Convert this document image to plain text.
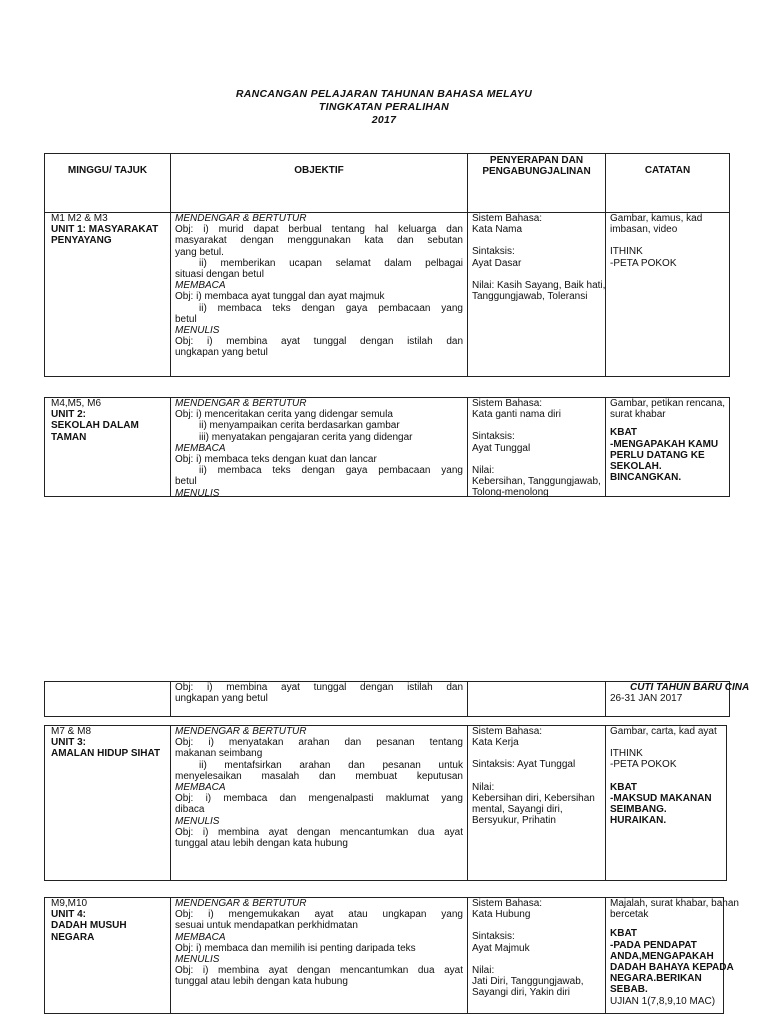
RANCANGAN PELAJARAN TAHUNAN BAHASA MELAYU
TINGKATAN PERALIHAN
2017
MINGGU/ TAJUK	OBJEKTIF
PENYERAPAN DAN
PENGABUNGJALINAN	CATATAN
M1 M2 & M3
UNIT 1: MASYARAKAT
PENYAYANG
MENDENGAR & BERTUTUR
Obj: i) murid dapat berbual tentang hal keluarga dan
masyarakat dengan menggunakan kata dan sebutan
yang betul.
ii) memberikan ucapan selamat dalam pelbagai
situasi dengan betul
MEMBACA
Obj: i) membaca ayat tunggal dan ayat majmuk
ii) membaca teks dengan gaya pembacaan yang
betul
MENULIS
Obj: i) membina ayat tunggal dengan istilah dan
ungkapan yang betul
Sistem Bahasa:
Kata Nama
Sintaksis:
Ayat Dasar
Nilai: Kasih Sayang, Baik hati,
Tanggungjawab, Toleransi
Gambar, kamus, kad
imbasan, video
ITHINK
-PETA POKOK
M4,M5, M6
UNIT 2:
SEKOLAH DALAM
TAMAN
MENDENGAR & BERTUTUR
Obj: i) menceritakan cerita yang didengar semula
ii) menyampaikan cerita berdasarkan gambar
iii) menyatakan pengajaran cerita yang didengar
MEMBACA
Obj: i) membaca teks dengan kuat dan lancar
ii) membaca teks dengan gaya pembacaan yang
betul
MENULIS
Sistem Bahasa:
Kata ganti nama diri
Sintaksis:
Ayat Tunggal
Nilai:
Kebersihan, Tanggungjawab,
Tolong-menolong
Gambar, petikan rencana,
surat khabar
KBAT
-MENGAPAKAH KAMU
PERLU DATANG KE
SEKOLAH.
BINCANGKAN.
Obj: i) membina ayat tunggal dengan istilah dan
ungkapan yang betul
CUTI TAHUN BARU CINA
26-31 JAN 2017
M7 & M8
UNIT 3:
AMALAN HIDUP SIHAT
MENDENGAR & BERTUTUR
Obj: i) menyatakan arahan dan pesanan tentang
makanan seimbang
ii) mentafsirkan arahan dan pesanan untuk
menyelesaikan masalah dan membuat keputusan
MEMBACA
Obj: i) membaca dan mengenalpasti maklumat yang
dibaca
MENULIS
Obj: i) membina ayat dengan mencantumkan dua ayat
tunggal atau lebih dengan kata hubung
Sistem Bahasa:
Kata Kerja
Sintaksis: Ayat Tunggal
Nilai:
Kebersihan diri, Kebersihan
mental, Sayangi diri,
Bersyukur, Prihatin
Gambar, carta, kad ayat
ITHINK
-PETA POKOK
KBAT
-MAKSUD MAKANAN
SEIMBANG.
HURAIKAN.
M9,M10
UNIT 4:
DADAH MUSUH
NEGARA
MENDENGAR & BERTUTUR
Obj: i) mengemukakan ayat atau ungkapan yang
sesuai untuk mendapatkan perkhidmatan
MEMBACA
Obj: i) membaca dan memilih isi penting daripada teks
MENULIS
Obj: i) membina ayat dengan mencantumkan dua ayat
tunggal atau lebih dengan kata hubung
Sistem Bahasa:
Kata Hubung
Sintaksis:
Ayat Majmuk
Nilai:
Jati Diri, Tanggungjawab,
Sayangi diri, Yakin diri
Majalah, surat khabar, bahan
bercetak
KBAT
-PADA PENDAPAT
ANDA,MENGAPAKAH
DADAH BAHAYA KEPADA
NEGARA.BERIKAN
SEBAB.
UJIAN 1(7,8,9,10 MAC)
